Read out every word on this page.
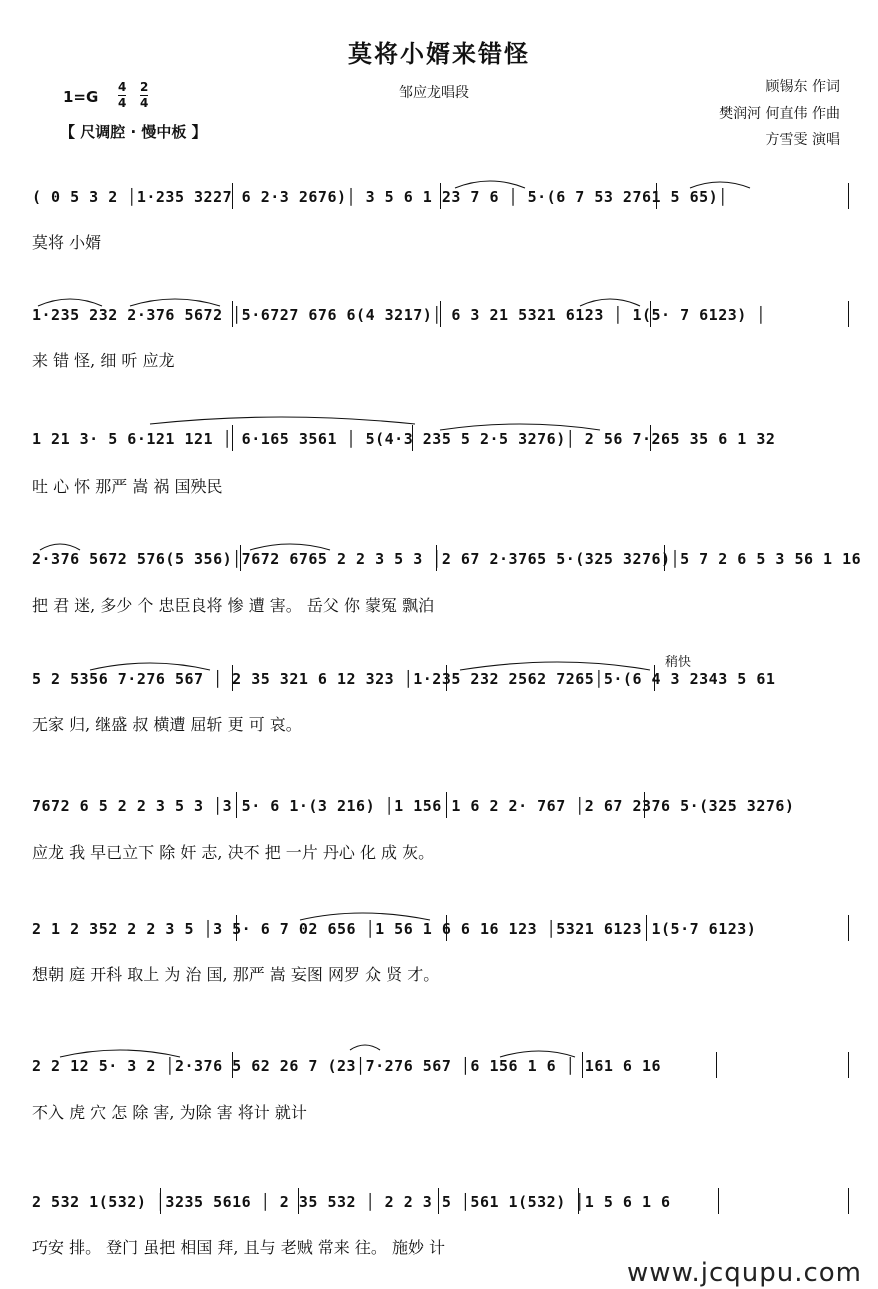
莫将小婿来错怪
邹应龙唱段
1=G
4
4
2
4
【 尺调腔 · 慢中板 】
顾锡东 作词
樊润河 何直伟 作曲
方雪雯 演唱
( 0 5 3 2 │1·235 3227 6 2·3 2676)│ 3 5 6 1 23 7 6 │ 5·(6 7 53 2761 5 65)│
莫将 小婿
1·235 232 2·376 5672 │5·6727 676 6(4 3217)│ 6 3 21 5321 6123 │ 1(5· 7 6123) │
来 错 怪, 细 听 应龙
1 21 3· 5 6·121 121 │ 6·165 3561 │ 5(4·3 235 5 2·5 3276)│ 2 56 7·265 35 6 1 32
吐 心 怀 那严 嵩 祸 国殃民
2·376 5672 576(5 356)│7672 6765 2 2 3 5 3 │2 67 2·3765 5·(325 3276)│5 7 2 6 5 3 56 1 16
把 君 迷, 多少 个 忠臣良将 惨 遭 害。 岳父 你 蒙冤 飘泊
稍快
5 2 5356 7·276 567 │ 2 35 321 6 12 323 │1·235 232 2562 7265│5·(6 4 3 2343 5 61
无家 归, 继盛 叔 横遭 屈斩 更 可 哀。
7672 6 5 2 2 3 5 3 │3 5· 6 1·(3 216) │1 156 1 6 2 2· 767 │2 67 2376 5·(325 3276)
应龙 我 早已立下 除 奸 志, 决不 把 一片 丹心 化 成 灰。
2 1 2 352 2 2 3 5 │3 5· 6 7 02 656 │1 56 1 6 6 16 123 │5321 6123 1(5·7 6123)
想朝 庭 开科 取上 为 治 国, 那严 嵩 妄图 网罗 众 贤 才。
2 2 12 5· 3 2 │2·376 5 62 26 7 (23│7·276 567 │6 156 1 6 │ 161 6 16
不入 虎 穴 怎 除 害, 为除 害 将计 就计
2 532 1(532) │3235 5616 │ 2 35 532 │ 2 2 3 5 │561 1(532) │1 5 6 1 6
巧安 排。 登门 虽把 相国 拜, 且与 老贼 常来 往。 施妙 计
www.jcqupu.com
